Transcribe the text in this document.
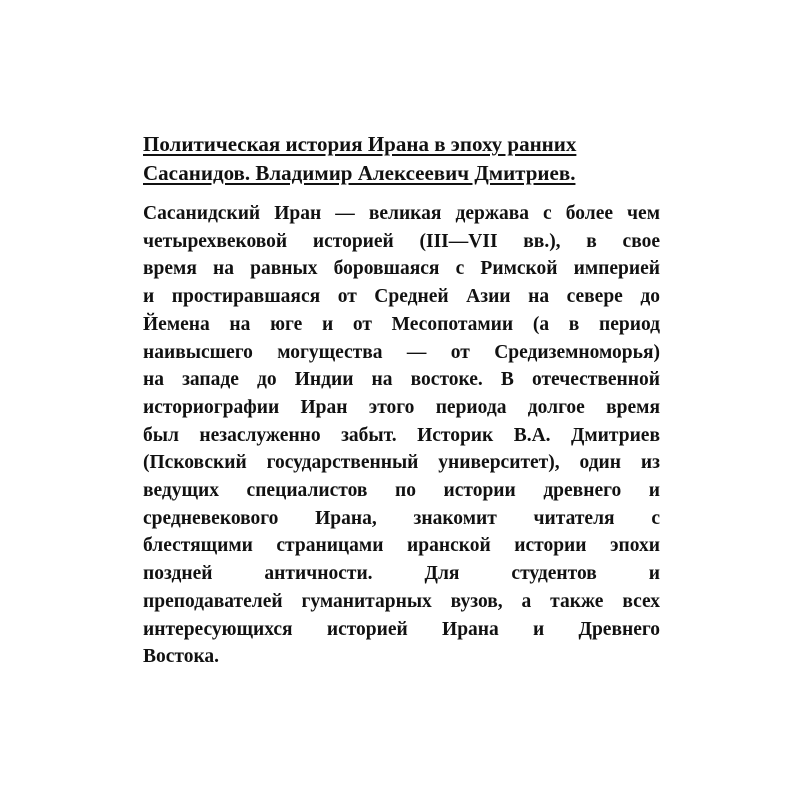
Политическая история Ирана в эпоху ранних
Сасанидов. Владимир Алексеевич Дмитриев.

Сасанидский Иран — великая держава с более чем
четырехвековой историей (III—VII вв.), в свое
время на равных боровшаяся с Римской империей
и простиравшаяся от Средней Азии на севере до
Йемена на юге и от Месопотамии (а в период
наивысшего могущества — от Средиземноморья)
на западе до Индии на востоке. В отечественной
историографии Иран этого периода долгое время
был незаслуженно забыт. Историк В.А. Дмитриев
(Псковский государственный университет), один из
ведущих специалистов по истории древнего и
средневекового Ирана, знакомит читателя с
блестящими страницами иранской истории эпохи
поздней античности. Для студентов и
преподавателей гуманитарных вузов, а также всех
интересующихся историей Ирана и Древнего
Востока.
